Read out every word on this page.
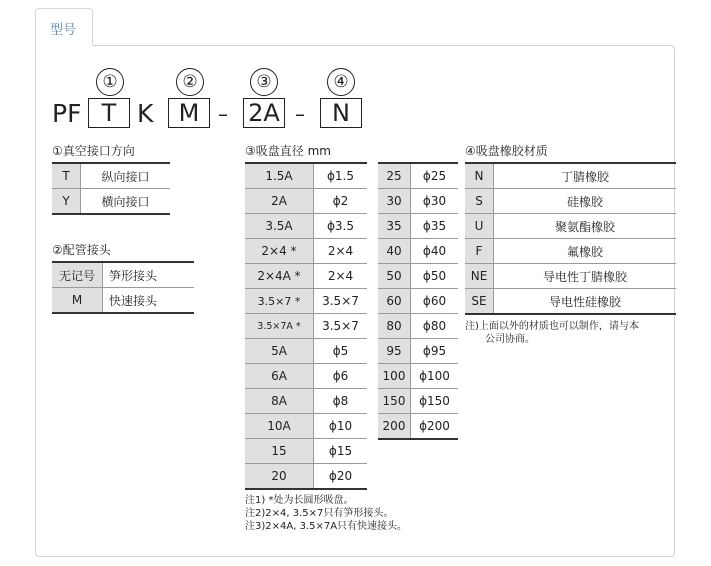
型号
①	②	③	④
PF T K	M – 2A –	N
①真空接口方向
T	纵向接口
Y	横向接口
②配管接头
无记号	笋形接头
M	快速接头
③吸盘直径 mm
1.5A	ϕ1.5
2A	ϕ2
3.5A	ϕ3.5
2×4 *	2×4
2×4A *	2×4
3.5×7 *	3.5×7
3.5×7A *	3.5×7
5A	ϕ5
6A	ϕ6
8A	ϕ8
10A	ϕ10
15	ϕ15
20	ϕ20
25	ϕ25
30	ϕ30
35	ϕ35
40	ϕ40
50	ϕ50
60	ϕ60
80	ϕ80
95	ϕ95
100	ϕ100
150	ϕ150
200	ϕ200
注1) *处为长圆形吸盘。
注2)2×4, 3.5×7只有笋形接头。
注3)2×4A, 3.5×7A只有快速接头。
④吸盘橡胶材质
N	丁腈橡胶
S	硅橡胶
U	聚氨酯橡胶
F	氟橡胶
NE	导电性丁腈橡胶
SE	导电性硅橡胶
注)上面以外的材质也可以制作，请与本
公司协商。
